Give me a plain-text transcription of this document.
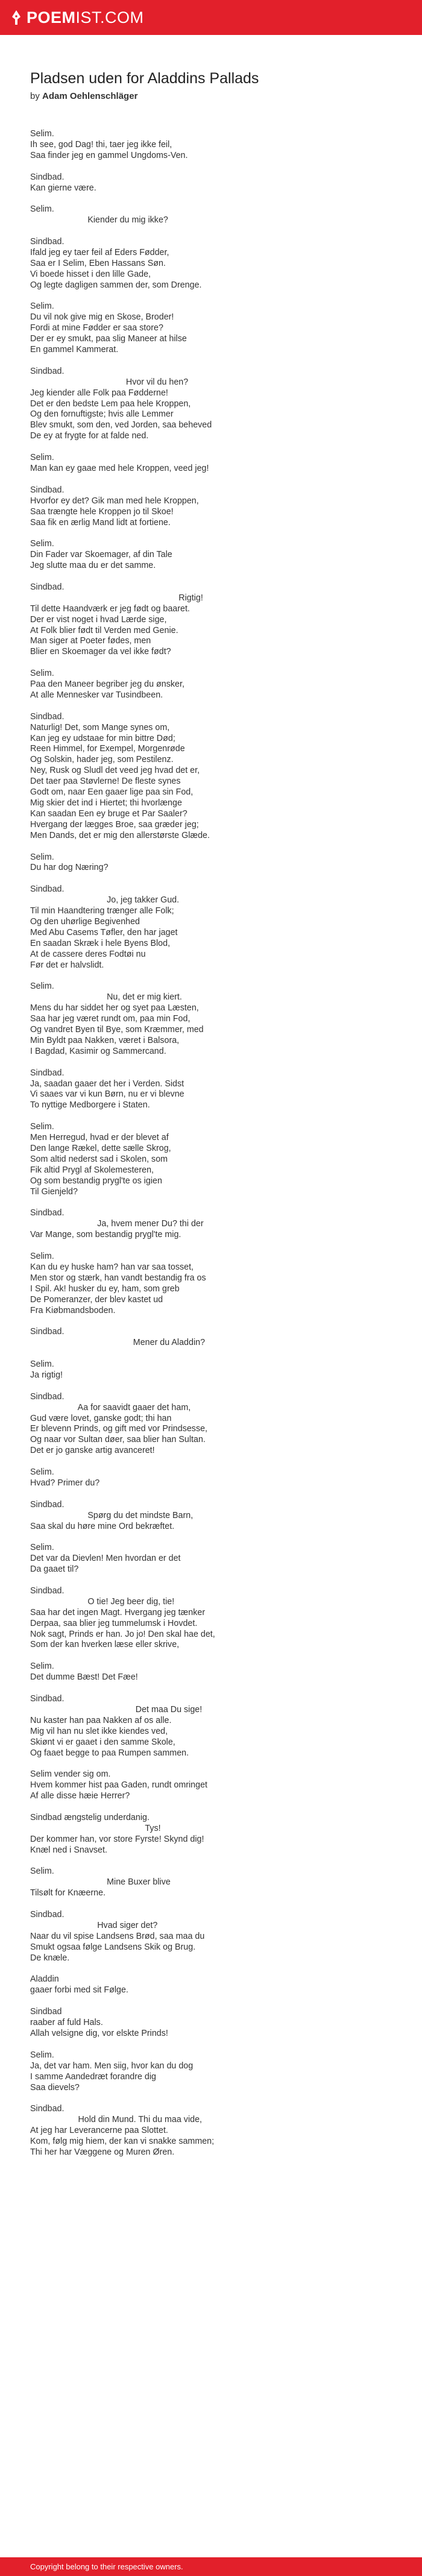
POEM IST.COM
Pladsen uden for Aladdins Pallads
by Adam Oehlenschläger
Selim.
Ih see, god Dag! thi, taer jeg ikke feil,
Saa finder jeg en gammel Ungdoms-Ven.
Sindbad.
Kan gierne være.
Selim.
Kiender du mig ikke?
Sindbad.
Ifald jeg ey taer feil af Eders Fødder,
Saa er I Selim, Eben Hassans Søn.
Vi boede hisset i den lille Gade,
Og legte dagligen sammen der, som Drenge.
Selim.
Du vil nok give mig en Skose, Broder!
Fordi at mine Fødder er saa store?
Der er ey smukt, paa slig Maneer at hilse
En gammel Kammerat.
Sindbad.
Hvor vil du hen?
Jeg kiender alle Folk paa Fødderne!
Det er den bedste Lem paa hele Kroppen,
Og den fornuftigste; hvis alle Lemmer
Blev smukt, som den, ved Jorden, saa beheved
De ey at frygte for at falde ned.
Selim.
Man kan ey gaae med hele Kroppen, veed jeg!
Sindbad.
Hvorfor ey det? Gik man med hele Kroppen,
Saa trængte hele Kroppen jo til Skoe!
Saa fik en ærlig Mand lidt at fortiene.
Selim.
Din Fader var Skoemager, af din Tale
Jeg slutte maa du er det samme.
Sindbad.
Rigtig!
Til dette Haandværk er jeg født og baaret.
Der er vist noget i hvad Lærde sige,
At Folk blier født til Verden med Genie.
Man siger at Poeter fødes, men
Blier en Skoemager da vel ikke født?
Selim.
Paa den Maneer begriber jeg du ønsker,
At alle Mennesker var Tusindbeen.
Sindbad.
Naturlig! Det, som Mange synes om,
Kan jeg ey udstaae for min bittre Død;
Reen Himmel, for Exempel, Morgenrøde
Og Solskin, hader jeg, som Pestilenz.
Ney, Rusk og Sludl det veed jeg hvad det er,
Det taer paa Støvlerne! De fleste synes
Godt om, naar Een gaaer lige paa sin Fod,
Mig skier det ind i Hiertet; thi hvorlænge
Kan saadan Een ey bruge et Par Saaler?
Hvergang der lægges Broe, saa græder jeg;
Men Dands, det er mig den allerstørste Glæde.
Selim.
Du har dog Næring?
Sindbad.
Jo, jeg takker Gud.
Til min Haandtering trænger alle Folk;
Og den uhørlige Begivenhed
Med Abu Casems Tøfler, den har jaget
En saadan Skræk i hele Byens Blod,
At de cassere deres Fodtøi nu
Før det er halvslidt.
Selim.
Nu, det er mig kiert.
Mens du har siddet her og syet paa Læsten,
Saa har jeg været rundt om, paa min Fod,
Og vandret Byen til Bye, som Kræmmer, med
Min Byldt paa Nakken, været i Balsora,
I Bagdad, Kasimir og Sammercand.
Sindbad.
Ja, saadan gaaer det her i Verden. Sidst
Vi saaes var vi kun Børn, nu er vi blevne
To nyttige Medborgere i Staten.
Selim.
Men Herregud, hvad er der blevet af
Den lange Rækel, dette sælle Skrog,
Som altid nederst sad i Skolen, som
Fik altid Prygl af Skolemesteren,
Og som bestandig prygl'te os igien
Til Gienjeld?
Sindbad.
Ja, hvem mener Du? thi der
Var Mange, som bestandig prygl'te mig.
Selim.
Kan du ey huske ham? han var saa tosset,
Men stor og stærk, han vandt bestandig fra os
I Spil. Ak! husker du ey, ham, som greb
De Pomeranzer, der blev kastet ud
Fra Kiøbmandsboden.
Sindbad.
Mener du Aladdin?
Selim.
Ja rigtig!
Sindbad.
Aa for saavidt gaaer det ham,
Gud være lovet, ganske godt; thi han
Er blevenn Prinds, og gift med vor Prindsesse,
Og naar vor Sultan døer, saa blier han Sultan.
Det er jo ganske artig avanceret!
Selim.
Hvad? Primer du?
Sindbad.
Spørg du det mindste Barn,
Saa skal du høre mine Ord bekræftet.
Selim.
Det var da Dievlen! Men hvordan er det
Da gaaet til?
Sindbad.
O tie! Jeg beer dig, tie!
Saa har det ingen Magt. Hvergang jeg tænker
Derpaa, saa blier jeg tummelumsk i Hovdet.
Nok sagt, Prinds er han. Jo jo! Den skal hae det,
Som der kan hverken læse eller skrive,
Selim.
Det dumme Bæst! Det Fæe!
Sindbad.
Det maa Du sige!
Nu kaster han paa Nakken af os alle.
Mig vil han nu slet ikke kiendes ved,
Skiønt vi er gaaet i den samme Skole,
Og faaet begge to paa Rumpen sammen.
Selim vender sig om.
Hvem kommer hist paa Gaden, rundt omringet
Af alle disse hæie Herrer?
Sindbad ængstelig underdanig.
Tys!
Der kommer han, vor store Fyrste! Skynd dig!
Knæl ned i Snavset.
Selim.
Mine Buxer blive
Tilsølt for Knæerne.
Sindbad.
Hvad siger det?
Naar du vil spise Landsens Brød, saa maa du
Smukt ogsaa følge Landsens Skik og Brug.
De knæle.
Aladdin
gaaer forbi med sit Følge.
Sindbad
raaber af fuld Hals.
Allah velsigne dig, vor elskte Prinds!
Selim.
Ja, det var ham. Men siig, hvor kan du dog
I samme Aandedræt forandre dig
Saa dievels?
Sindbad.
Hold din Mund. Thi du maa vide,
At jeg har Leverancerne paa Slottet.
Kom, følg mig hiem, der kan vi snakke sammen;
Thi her har Væggene og Muren Øren.
Copyright belong to their respective owners.
